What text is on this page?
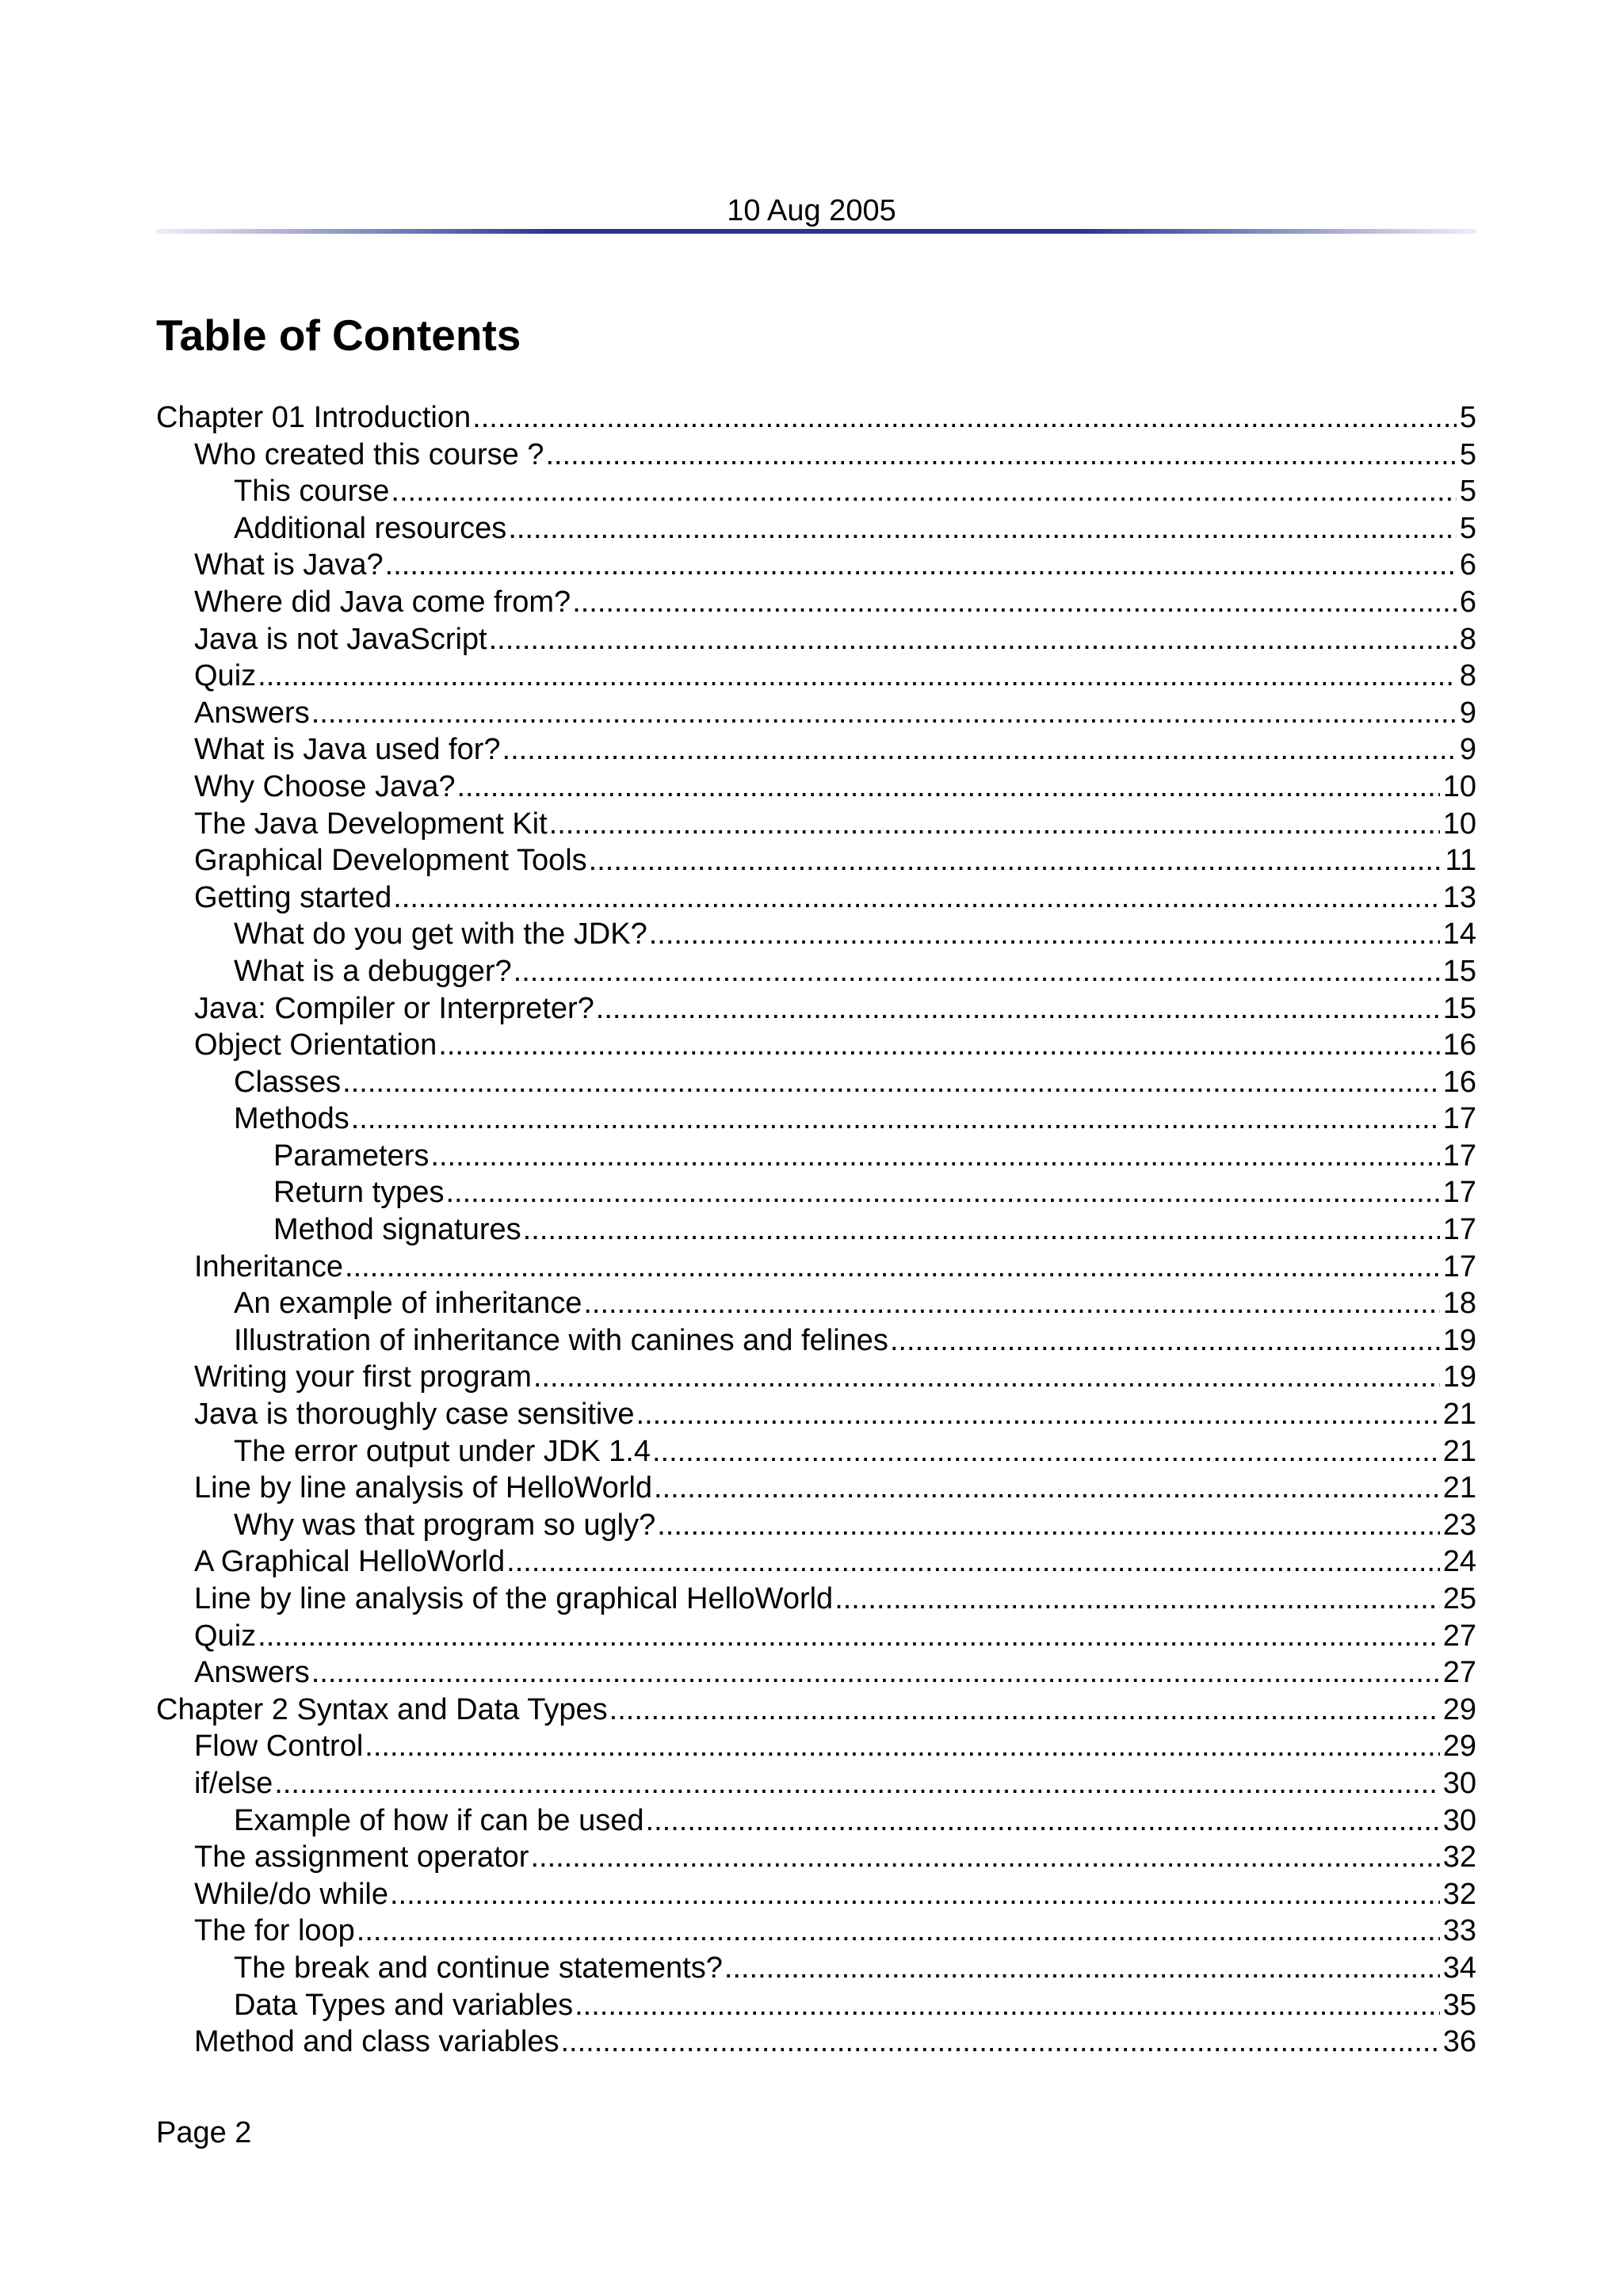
10 Aug 2005
Table of Contents
Chapter 01 Introduction .....	5
Who created this course ? .....	5
This course .....	5
Additional resources .....	5
What is Java? .....	6
Where did Java come from? .....	6
Java is not JavaScript .....	8
Quiz .....	8
Answers .....	9
What is Java used for? .....	9
Why Choose Java? .....	10
The Java Development Kit .....	10
Graphical Development Tools .....	11
Getting started .....	13
What do you get with the JDK? .....	14
What is a debugger? .....	15
Java: Compiler or Interpreter? .....	15
Object Orientation .....	16
Classes .....	16
Methods .....	17
Parameters .....	17
Return types .....	17
Method signatures .....	17
Inheritance .....	17
An example of inheritance .....	18
Illustration of inheritance with canines and felines .....	19
Writing your first program .....	19
Java is thoroughly case sensitive .....	21
The error output under JDK 1.4 .....	21
Line by line analysis of HelloWorld .....	21
Why was that program so ugly? .....	23
A Graphical HelloWorld .....	24
Line by line analysis of the graphical HelloWorld .....	25
Quiz .....	27
Answers .....	27
Chapter 2 Syntax and Data Types .....	29
Flow Control .....	29
if/else .....	30
Example of how if can be used .....	30
The assignment operator .....	32
While/do while .....	32
The for loop .....	33
The break and continue statements? .....	34
Data Types and variables .....	35
Method and class variables .....	36
Page 2
